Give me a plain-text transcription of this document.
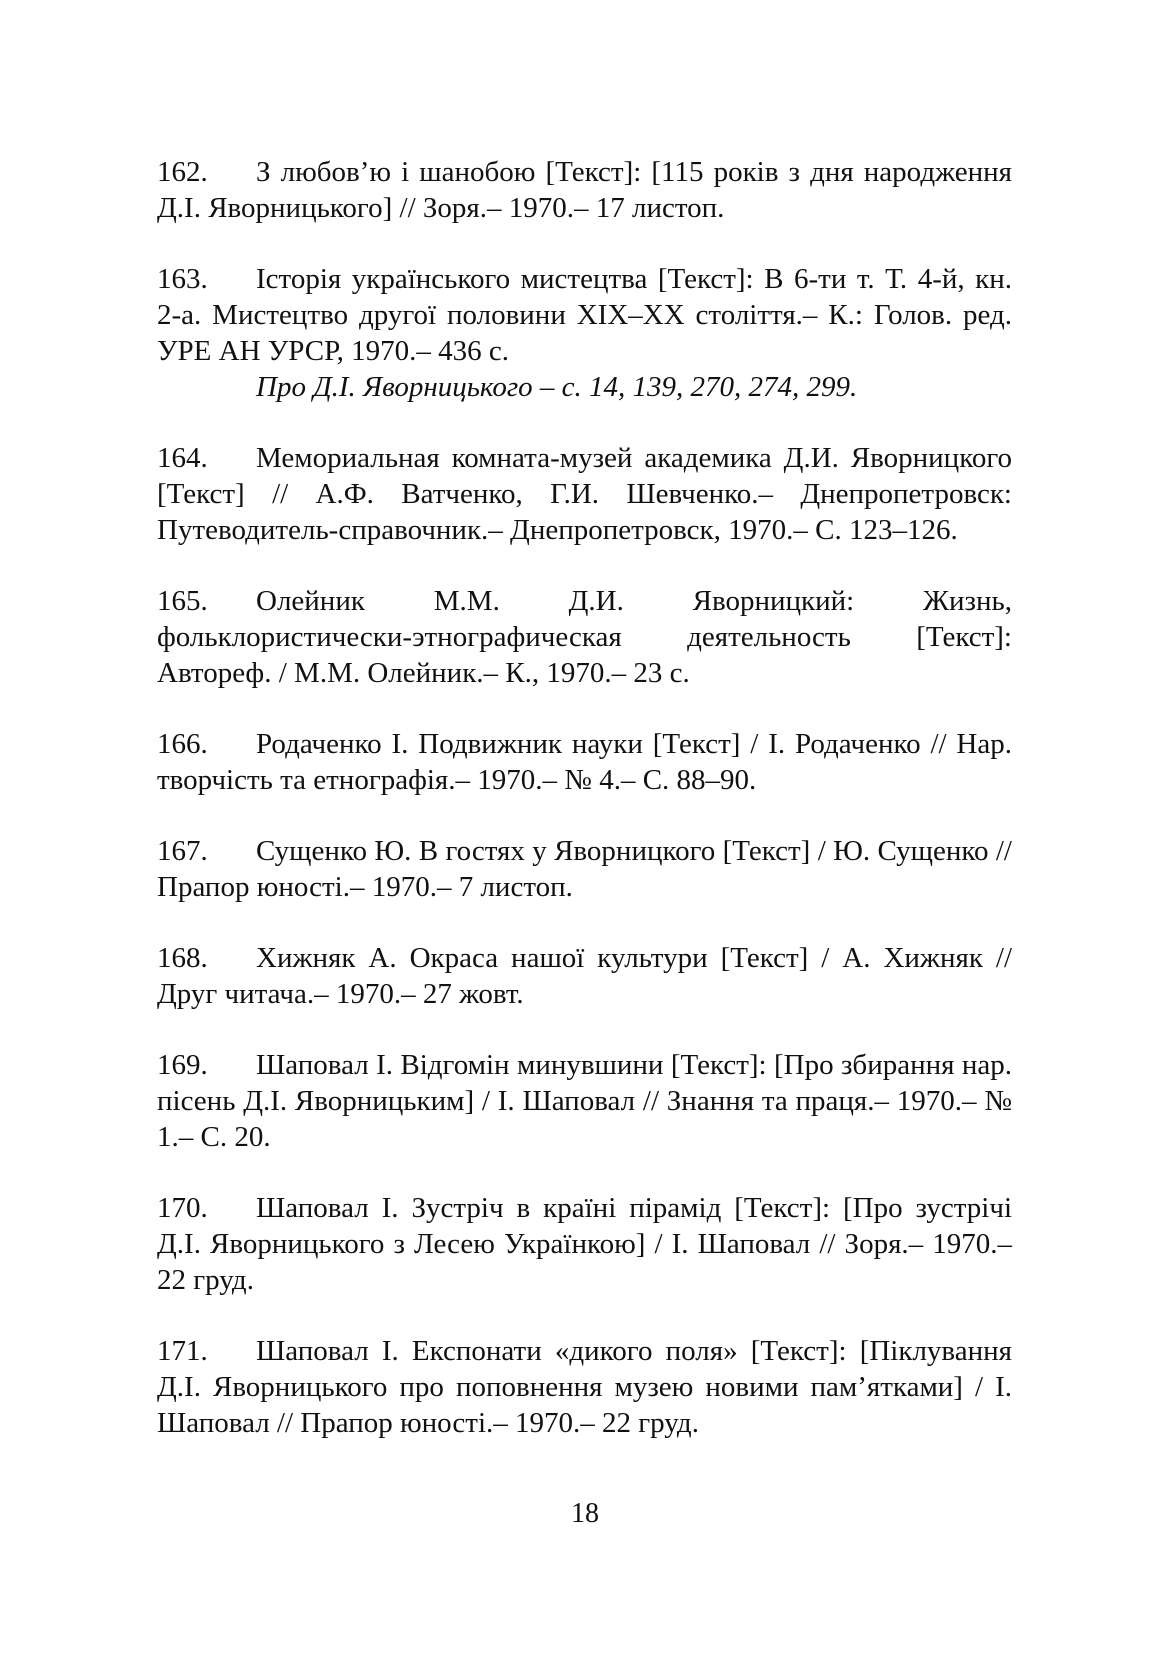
162. З любов’ю і шанобою [Текст]: [115 років з дня народження Д.І. Яворницького] // Зоря.– 1970.– 17 листоп.
163. Історія українського мистецтва [Текст]: В 6-ти т. Т. 4-й, кн. 2-а. Мистецтво другої половини XIX–XX століття.– К.: Голов. ред. УРЕ АН УРСР, 1970.– 436 с.
Про Д.І. Яворницького – с. 14, 139, 270, 274, 299.
164. Мемориальная комната-музей академика Д.И. Яворницкого [Текст] // А.Ф. Ватченко, Г.И. Шевченко.– Днепропетровск: Путеводитель-справочник.– Днепропетровск, 1970.– С. 123–126.
165. Олейник М.М. Д.И. Яворницкий: Жизнь, фольклористически-этнографическая деятельность [Текст]: Автореф. / М.М. Олейник.– К., 1970.– 23 с.
166. Родаченко І. Подвижник науки [Текст] / І. Родаченко // Нар. творчість та етнографія.– 1970.– № 4.– С. 88–90.
167. Сущенко Ю. В гостях у Яворницкого [Текст] / Ю. Сущенко // Прапор юності.– 1970.– 7 листоп.
168. Хижняк А. Окраса нашої культури [Текст] / А. Хижняк // Друг читача.– 1970.– 27 жовт.
169. Шаповал І. Відгомін минувшини [Текст]: [Про збирання нар. пісень Д.І. Яворницьким] / І. Шаповал // Знання та праця.– 1970.– № 1.– С. 20.
170. Шаповал І. Зустріч в країні пірамід [Текст]: [Про зустрічі Д.І. Яворницького з Лесею Українкою] / І. Шаповал // Зоря.– 1970.– 22 груд.
171. Шаповал І. Експонати «дикого поля» [Текст]: [Піклування Д.І. Яворницького про поповнення музею новими пам’ятками] / І. Шаповал // Прапор юності.– 1970.– 22 груд.
18
